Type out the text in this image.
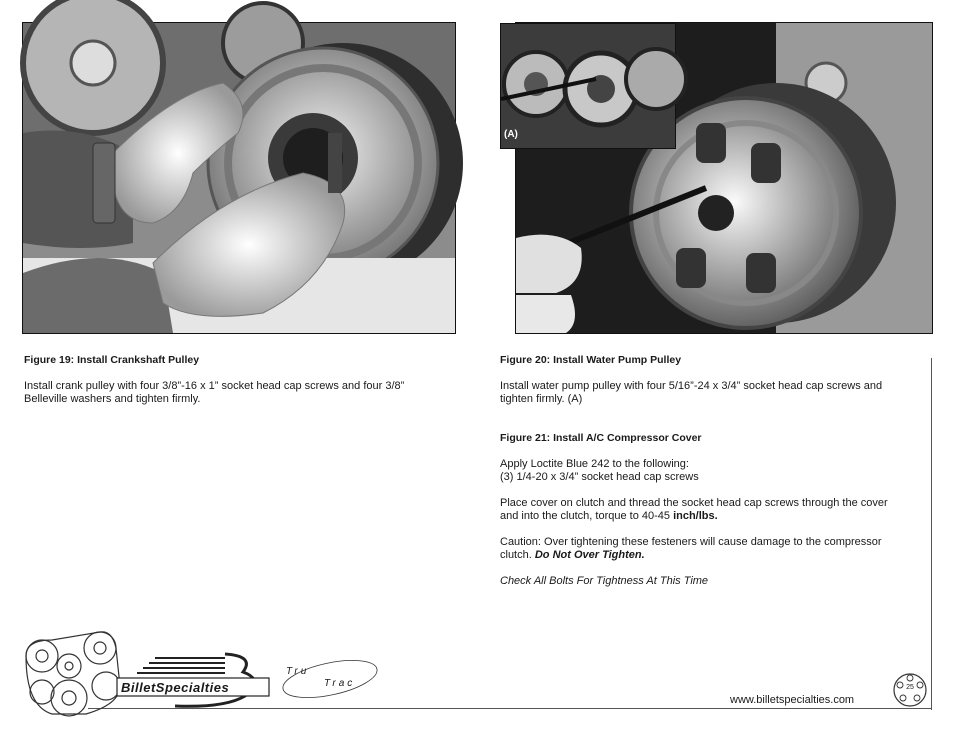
(A)
Figure 19: Install Crankshaft Pulley
Install crank pulley with four 3/8”-16 x 1” socket head cap screws and four 3/8”
Belleville washers and tighten firmly.
Figure 20: Install Water Pump Pulley
Install water pump pulley with four 5/16”-24 x 3/4” socket head cap screws and
tighten firmly. (A)
Figure 21: Install A/C Compressor Cover
Apply Loctite Blue 242 to the following:
(3) 1/4-20 x 3/4” socket head cap screws
Place cover on clutch and thread the socket head cap screws through the cover
and into the clutch, torque to 40-45 inch/lbs.
Caution: Over tightening these festeners will cause damage to the compressor
clutch. Do Not Over Tighten.
Check All Bolts For Tightness At This Time
BilletSpecialties
Tru
Trac
www.billetspecialties.com
25
